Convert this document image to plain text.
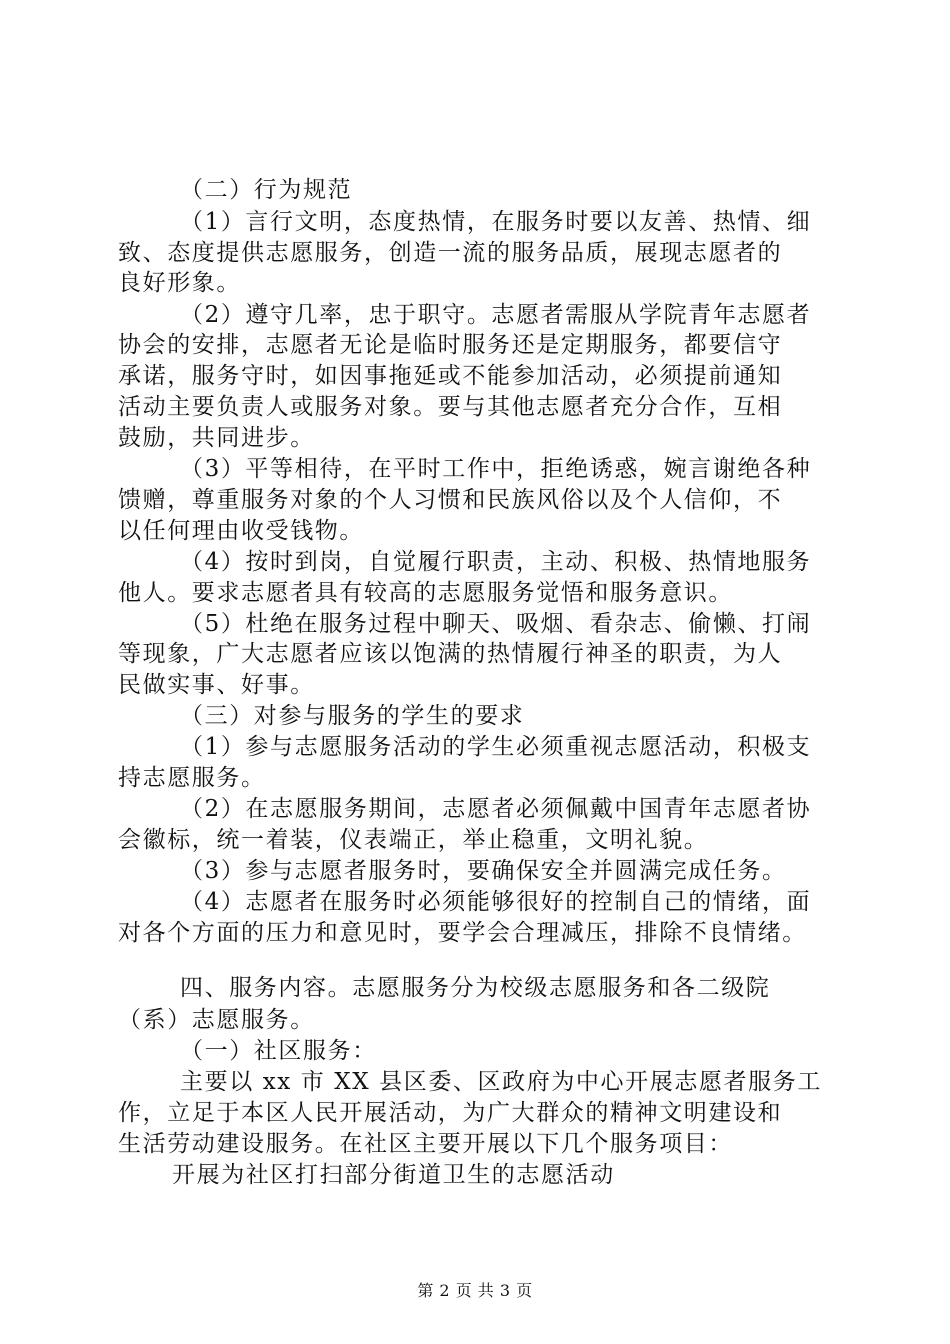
（二）行为规范
（1）言行文明，态度热情，在服务时要以友善、热情、细
致、态度提供志愿服务，创造一流的服务品质，展现志愿者的
良好形象。
（2）遵守几率，忠于职守。志愿者需服从学院青年志愿者
协会的安排，志愿者无论是临时服务还是定期服务，都要信守
承诺，服务守时，如因事拖延或不能参加活动，必须提前通知
活动主要负责人或服务对象。要与其他志愿者充分合作，互相
鼓励，共同进步。
（3）平等相待，在平时工作中，拒绝诱惑，婉言谢绝各种
馈赠，尊重服务对象的个人习惯和民族风俗以及个人信仰，不
以任何理由收受钱物。
（4）按时到岗，自觉履行职责，主动、积极、热情地服务
他人。要求志愿者具有较高的志愿服务觉悟和服务意识。
（5）杜绝在服务过程中聊天、吸烟、看杂志、偷懒、打闹
等现象，广大志愿者应该以饱满的热情履行神圣的职责，为人
民做实事、好事。
（三）对参与服务的学生的要求
（1）参与志愿服务活动的学生必须重视志愿活动，积极支
持志愿服务。
（2）在志愿服务期间，志愿者必须佩戴中国青年志愿者协
会徽标，统一着装，仪表端正，举止稳重，文明礼貌。
（3）参与志愿者服务时，要确保安全并圆满完成任务。
（4）志愿者在服务时必须能够很好的控制自己的情绪，面
对各个方面的压力和意见时，要学会合理减压，排除不良情绪。
四、服务内容。志愿服务分为校级志愿服务和各二级院
（系）志愿服务。
（一）社区服务：
主要以 xx 市 XX 县区委、区政府为中心开展志愿者服务工
作，立足于本区人民开展活动，为广大群众的精神文明建设和
生活劳动建设服务。在社区主要开展以下几个服务项目：
开展为社区打扫部分街道卫生的志愿活动
第 2 页 共 3 页
